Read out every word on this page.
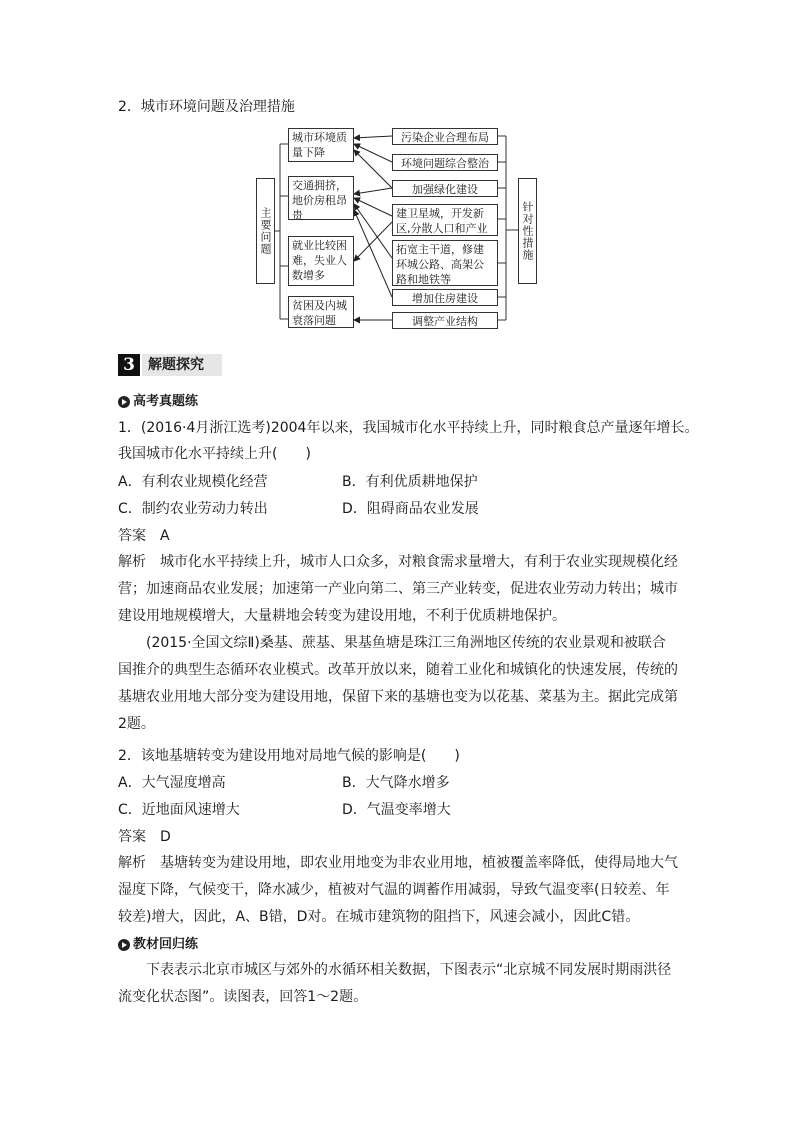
2．城市环境问题及治理措施
主要问题
城市环境质量下降
交通拥挤，地价房租昂贵
就业比较困难，失业人数增多
贫困及内城衰落问题
污染企业合理布局
环境问题综合整治
加强绿化建设
建卫星城，开发新区,分散人口和产业
拓宽主干道，修建环城公路、高架公路和地铁等
增加住房建设
调整产业结构
针对性措施
3 解题探究
高考真题练
1．(2016·4月浙江选考)2004年以来，我国城市化水平持续上升，同时粮食总产量逐年增长。
我国城市化水平持续上升(　　)
A．有利农业规模化经营	B．有利优质耕地保护
C．制约农业劳动力转出	D．阻碍商品农业发展
答案　A
解析　城市化水平持续上升，城市人口众多，对粮食需求量增大，有利于农业实现规模化经营；加速商品农业发展；加速第一产业向第二、第三产业转变，促进农业劳动力转出；城市建设用地规模增大，大量耕地会转变为建设用地，不利于优质耕地保护。
(2015·全国文综Ⅱ)桑基、蔗基、果基鱼塘是珠江三角洲地区传统的农业景观和被联合国推介的典型生态循环农业模式。改革开放以来，随着工业化和城镇化的快速发展，传统的基塘农业用地大部分变为建设用地，保留下来的基塘也变为以花基、菜基为主。据此完成第2题。
2．该地基塘转变为建设用地对局地气候的影响是(　　)
A．大气湿度增高	B．大气降水增多
C．近地面风速增大	D．气温变率增大
答案　D
解析　基塘转变为建设用地，即农业用地变为非农业用地，植被覆盖率降低，使得局地大气湿度下降，气候变干，降水减少，植被对气温的调蓄作用减弱，导致气温变率(日较差、年较差)增大，因此，A、B错，D对。在城市建筑物的阻挡下，风速会减小，因此C错。
教材回归练
下表表示北京市城区与郊外的水循环相关数据，下图表示“北京城不同发展时期雨洪径流变化状态图”。读图表，回答1～2题。
